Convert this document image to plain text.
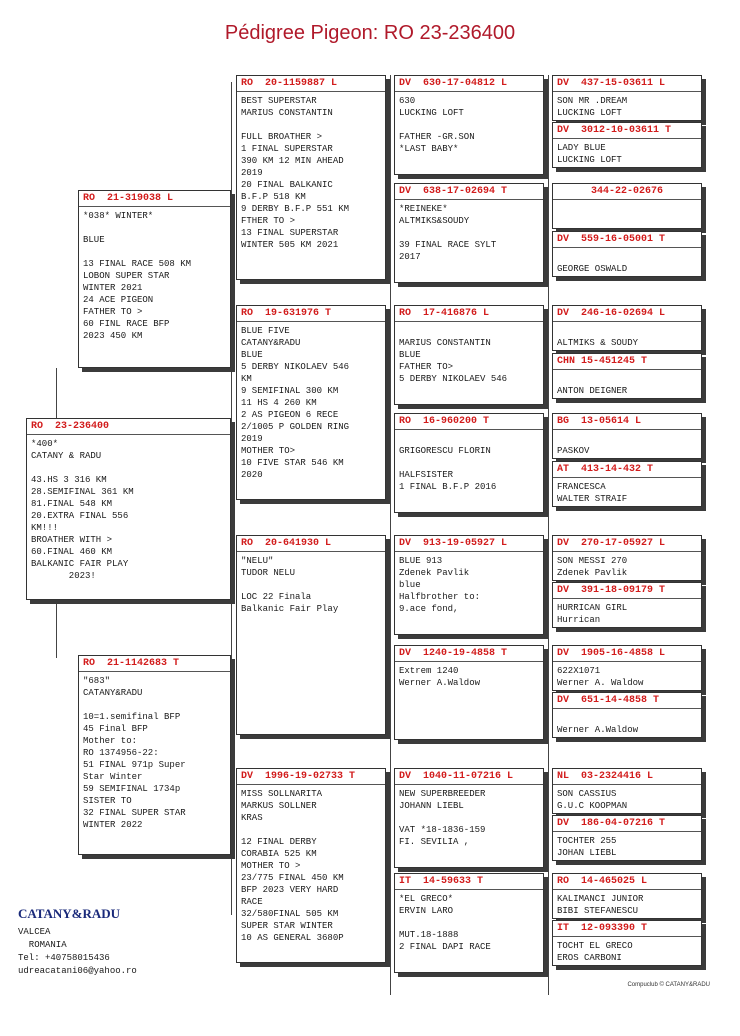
Pédigree Pigeon: RO 23-236400
RO  23-236400
*400*
CATANY & RADU

43.HS 3 316 KM
28.SEMIFINAL 361 KM
81.FINAL 548 KM
20.EXTRA FINAL 556
KM!!!
BROATHER WITH >
60.FINAL 460 KM
BALKANIC FAIR PLAY
2023!
RO  21-319038 L
*038* WINTER*

BLUE

13 FINAL RACE 508 KM
LOBON SUPER STAR
WINTER 2021
24 ACE PIGEON
FATHER TO >
60 FINL RACE BFP
2023 450 KM
RO  21-1142683 T
"683"
CATANY&RADU

10=1.semifinal BFP
45 Final BFP
Mother to:
RO 1374956-22:
51 FINAL 971p Super
Star Winter
59 SEMIFINAL 1734p
SISTER TO
32 FINAL SUPER STAR
WINTER 2022
RO  20-1159887 L
BEST SUPERSTAR
MARIUS CONSTANTIN

FULL BROATHER >
1 FINAL SUPERSTAR
390 KM 12 MIN AHEAD
2019
20 FINAL BALKANIC
B.F.P 518 KM
9 DERBY B.F.P 551 KM
FTHER TO >
13 FINAL SUPERSTAR
WINTER 505 KM 2021
RO  19-631976 T
BLUE FIVE
CATANY&RADU
BLUE
5 DERBY NIKOLAEV 546
KM
9 SEMIFINAL 300 KM
11 HS 4 260 KM
2 AS PIGEON 6 RECE
2/1005 P GOLDEN RING
2019
MOTHER TO>
10 FIVE STAR 546 KM
2020
RO  20-641930 L
"NELU"
TUDOR NELU

LOC 22 Finala
Balkanic Fair Play
DV  1996-19-02733 T
MISS SOLLNARITA
MARKUS SOLLNER
KRAS

12 FINAL DERBY
CORABIA 525 KM
MOTHER TO >
23/775 FINAL 450 KM
BFP 2023 VERY HARD
RACE
32/580FINAL 505 KM
SUPER STAR WINTER
10 AS GENERAL 3680P
DV  630-17-04812 L
630
LUCKING LOFT

FATHER -GR.SON
*LAST BABY*
DV  638-17-02694 T
*REINEKE*
ALTMIKS&SOUDY

39 FINAL RACE SYLT
2017
RO  17-416876 L

MARIUS CONSTANTIN
BLUE
FATHER TO>
5 DERBY NIKOLAEV 546
RO  16-960200 T

GRIGORESCU FLORIN

HALFSISTER
1 FINAL B.F.P 2016
DV  913-19-05927 L
BLUE 913
Zdenek Pavlik
blue
Halfbrother to:
9.ace fond,
DV  1240-19-4858 T
Extrem 1240
Werner A.Waldow
DV  1040-11-07216 L
NEW SUPERBREEDER
JOHANN LIEBL

VAT *18-1836-159
FI. SEVILIA ,
IT  14-59633 T
*EL GRECO*
ERVIN LARO

MUT.18-1888
2 FINAL DAPI RACE
DV  437-15-03611 L
SON MR .DREAM
LUCKING LOFT
DV  3012-10-03611 T
LADY BLUE
LUCKING LOFT
344-22-02676
DV  559-16-05001 T

GEORGE OSWALD
DV  246-16-02694 L

ALTMIKS & SOUDY
CHN 15-451245 T

ANTON DEIGNER
BG  13-05614 L

PASKOV
AT  413-14-432 T
FRANCESCA
WALTER STRAIF
DV  270-17-05927 L
SON MESSI 270
Zdenek Pavlik
DV  391-18-09179 T
HURRICAN GIRL
Hurrican
DV  1905-16-4858 L
622X1071
Werner A. Waldow
DV  651-14-4858 T

Werner A.Waldow
NL  03-2324416 L
SON CASSIUS
G.U.C KOOPMAN
DV  186-04-07216 T
TOCHTER 255
JOHAN LIEBL
RO  14-465025 L
KALIMANCI JUNIOR
BIBI STEFANESCU
IT  12-093390 T
TOCHT EL GRECO
EROS CARBONI
CATANY&RADU
VALCEA
ROMANIA
Tel: +40758015436
udreacatani06@yahoo.ro
Compuclub © CATANY&RADU
